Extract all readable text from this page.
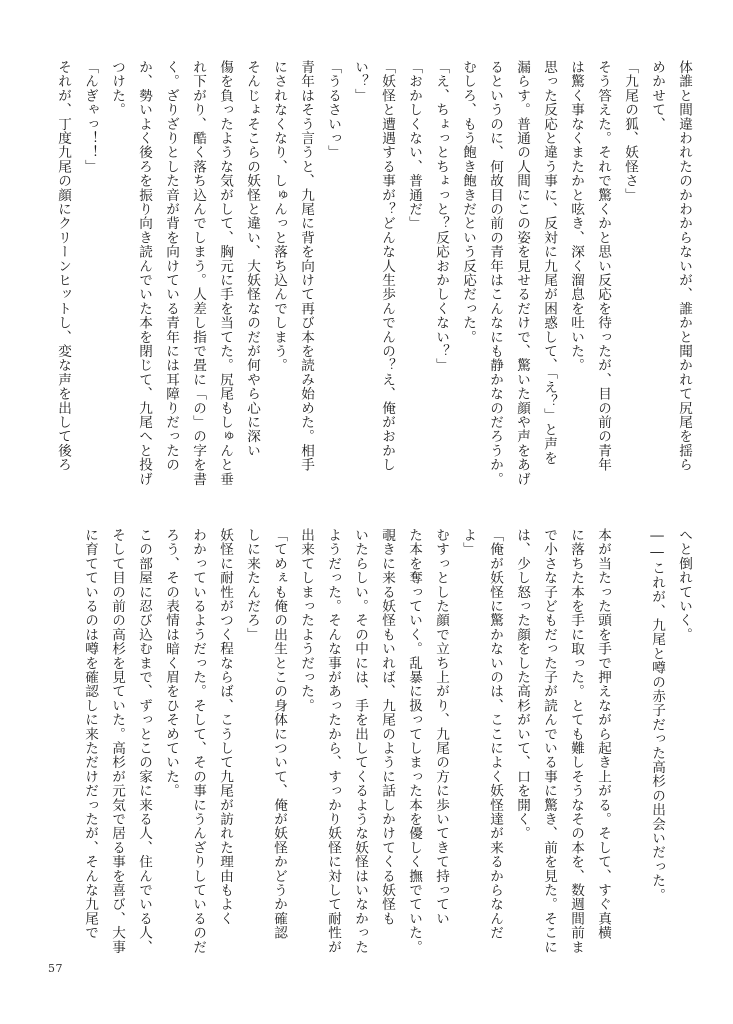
体誰と間違われたのかわからないが、誰かと聞かれて尻尾を揺ら
めかせて、
「九尾の狐、妖怪さ」
そう答えた。それで驚くかと思い反応を待ったが、目の前の青年
は驚く事なくまたかと呟き、深く溜息を吐いた。
思った反応と違う事に、反対に九尾が困惑して、「え？」と声を
漏らす。普通の人間にこの姿を見せるだけで、驚いた顔や声をあげ
るというのに、何故目の前の青年はこんなにも静かなのだろうか。
むしろ、もう飽き飽きだという反応だった。
「え、ちょっとちょっと？反応おかしくない？」
「おかしくない、普通だ」
「妖怪と遭遇する事が？どんな人生歩んでんの？え、俺がおかし
い？」
「うるさいっ」
青年はそう言うと、九尾に背を向けて再び本を読み始めた。相手
にされなくなり、しゅんっと落ち込んでしまう。
そんじょそこらの妖怪と違い、大妖怪なのだが何やら心に深い
傷を負ったような気がして、胸元に手を当てた。尻尾もしゅんと垂
れ下がり、酷く落ち込んでしまう。人差し指で畳に「の」の字を書
く。ざりざりとした音が背を向けている青年には耳障りだったの
か、勢いよく後ろを振り向き読んでいた本を閉じて、九尾へと投げ
つけた。
「んぎゃっ！！」
それが、丁度九尾の顔にクリーンヒットし、変な声を出して後ろ
へと倒れていく。
――これが、九尾と噂の赤子だった高杉の出会いだった。

本が当たった頭を手で押えながら起き上がる。そして、すぐ真横
に落ちた本を手に取った。とても難しそうなその本を、数週間前ま
で小さな子どもだった子が読んでいる事に驚き、前を見た。そこに
は、少し怒った顔をした高杉がいて、口を開く。
「俺が妖怪に驚かないのは、ここによく妖怪達が来るからなんだ
よ」
むすっとした顔で立ち上がり、九尾の方に歩いてきて持ってい
た本を奪っていく。乱暴に扱ってしまった本を優しく撫でていた。
覗きに来る妖怪もいれば、九尾のように話しかけてくる妖怪も
いたらしい。その中には、手を出してくるような妖怪はいなかった
ようだった。そんな事があったから、すっかり妖怪に対して耐性が
出来てしまったようだった。
「てめぇも俺の出生とこの身体について、俺が妖怪かどうか確認
しに来たんだろ」
妖怪に耐性がつく程ならば、こうして九尾が訪れた理由もよく
わかっているようだった。そして、その事にうんざりしているのだ
ろう、その表情は暗く眉をひそめていた。
この部屋に忍び込むまで、ずっとこの家に来る人、住んでいる人、
そして目の前の高杉を見ていた。高杉が元気で居る事を喜び、大事
に育てているのは噂を確認しに来ただけだったが、そんな九尾で
57
